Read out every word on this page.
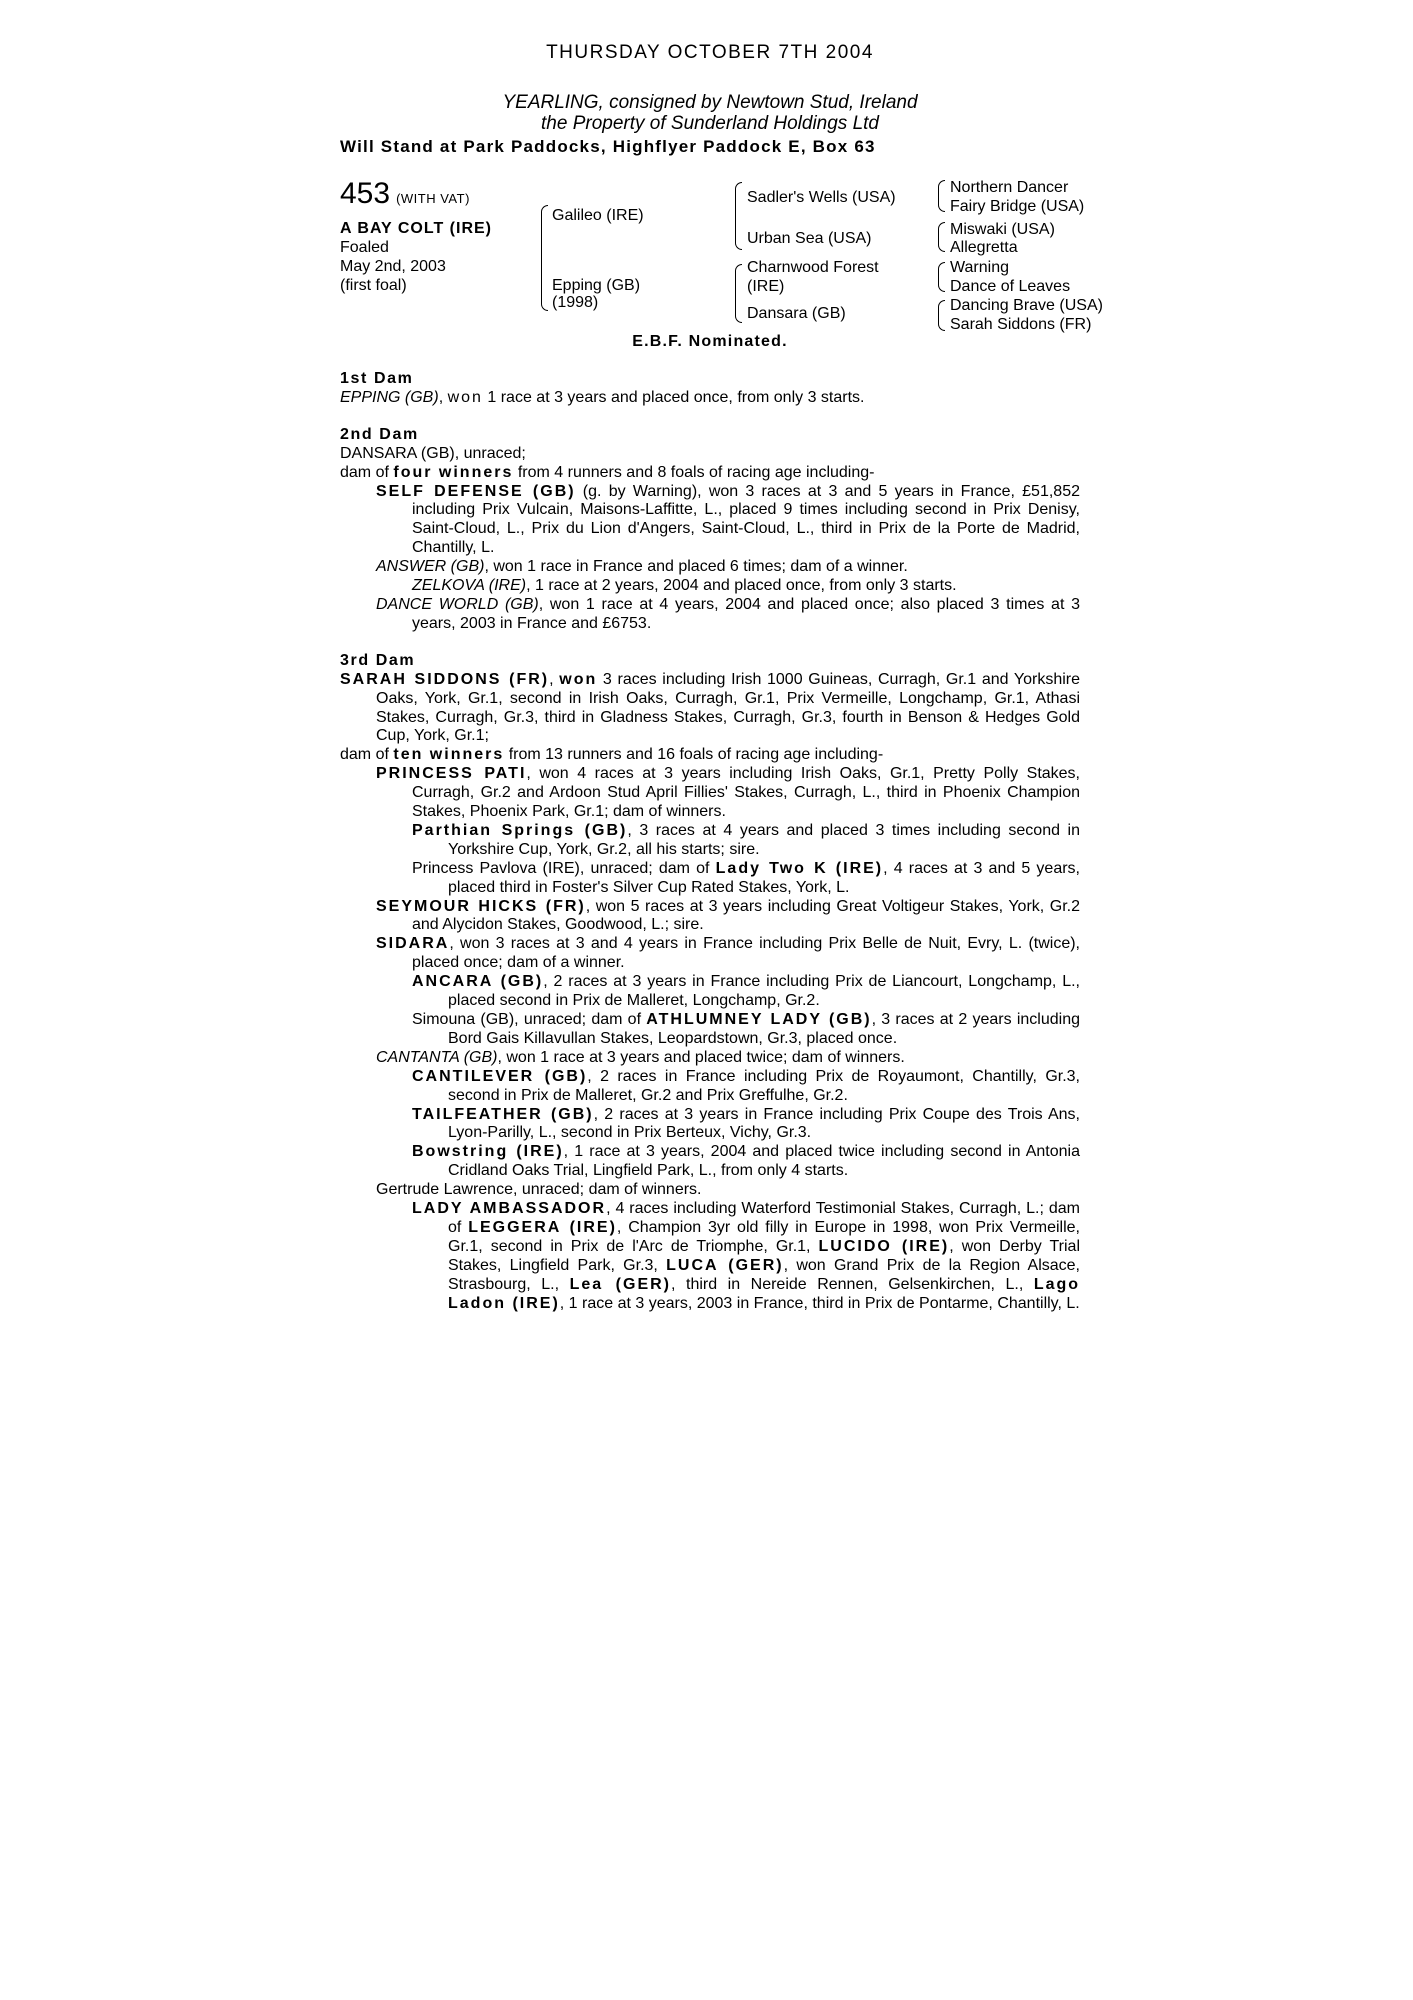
THURSDAY OCTOBER 7TH 2004
YEARLING, consigned by Newtown Stud, Ireland
the Property of Sunderland Holdings Ltd
Will Stand at Park Paddocks, Highflyer Paddock E, Box 63
453 (WITH VAT)
A BAY COLT (IRE)
Foaled
May 2nd, 2003
(first foal)
Galileo (IRE)
Epping (GB)
(1998)
Sadler's Wells (USA)
Urban Sea (USA)
Charnwood Forest
(IRE)
Dansara (GB)
Northern Dancer
Fairy Bridge (USA)
Miswaki (USA)
Allegretta
Warning
Dance of Leaves
Dancing Brave (USA)
Sarah Siddons (FR)
E.B.F. Nominated.

1st Dam

EPPING (GB), won 1 race at 3 years and placed once, from only 3 starts.

2nd Dam

DANSARA (GB), unraced;

dam of four winners from 4 runners and 8 foals of racing age including-

SELF DEFENSE (GB) (g. by Warning), won 3 races at 3 and 5 years in France, £51,852 including Prix Vulcain, Maisons-Laffitte, L., placed 9 times including second in Prix Denisy, Saint-Cloud, L., Prix du Lion d'Angers, Saint-Cloud, L., third in Prix de la Porte de Madrid, Chantilly, L.

ANSWER (GB), won 1 race in France and placed 6 times; dam of a winner.

ZELKOVA (IRE), 1 race at 2 years, 2004 and placed once, from only 3 starts.

DANCE WORLD (GB), won 1 race at 4 years, 2004 and placed once; also placed 3 times at 3 years, 2003 in France and £6753.

3rd Dam

SARAH SIDDONS (FR), won 3 races including Irish 1000 Guineas, Curragh, Gr.1 and Yorkshire Oaks, York, Gr.1, second in Irish Oaks, Curragh, Gr.1, Prix Vermeille, Longchamp, Gr.1, Athasi Stakes, Curragh, Gr.3, third in Gladness Stakes, Curragh, Gr.3, fourth in Benson & Hedges Gold Cup, York, Gr.1;

dam of ten winners from 13 runners and 16 foals of racing age including-

PRINCESS PATI, won 4 races at 3 years including Irish Oaks, Gr.1, Pretty Polly Stakes, Curragh, Gr.2 and Ardoon Stud April Fillies' Stakes, Curragh, L., third in Phoenix Champion Stakes, Phoenix Park, Gr.1; dam of winners.

Parthian Springs (GB), 3 races at 4 years and placed 3 times including second in Yorkshire Cup, York, Gr.2, all his starts; sire.

Princess Pavlova (IRE), unraced; dam of Lady Two K (IRE), 4 races at 3 and 5 years, placed third in Foster's Silver Cup Rated Stakes, York, L.

SEYMOUR HICKS (FR), won 5 races at 3 years including Great Voltigeur Stakes, York, Gr.2 and Alycidon Stakes, Goodwood, L.; sire.

SIDARA, won 3 races at 3 and 4 years in France including Prix Belle de Nuit, Evry, L. (twice), placed once; dam of a winner.

ANCARA (GB), 2 races at 3 years in France including Prix de Liancourt, Longchamp, L., placed second in Prix de Malleret, Longchamp, Gr.2.

Simouna (GB), unraced; dam of ATHLUMNEY LADY (GB), 3 races at 2 years including Bord Gais Killavullan Stakes, Leopardstown, Gr.3, placed once.

CANTANTA (GB), won 1 race at 3 years and placed twice; dam of winners.

CANTILEVER (GB), 2 races in France including Prix de Royaumont, Chantilly, Gr.3, second in Prix de Malleret, Gr.2 and Prix Greffulhe, Gr.2.

TAILFEATHER (GB), 2 races at 3 years in France including Prix Coupe des Trois Ans, Lyon-Parilly, L., second in Prix Berteux, Vichy, Gr.3.

Bowstring (IRE), 1 race at 3 years, 2004 and placed twice including second in Antonia Cridland Oaks Trial, Lingfield Park, L., from only 4 starts.

Gertrude Lawrence, unraced; dam of winners.

LADY AMBASSADOR, 4 races including Waterford Testimonial Stakes, Curragh, L.; dam of LEGGERA (IRE), Champion 3yr old filly in Europe in 1998, won Prix Vermeille, Gr.1, second in Prix de l'Arc de Triomphe, Gr.1, LUCIDO (IRE), won Derby Trial Stakes, Lingfield Park, Gr.3, LUCA (GER), won Grand Prix de la Region Alsace, Strasbourg, L., Lea (GER), third in Nereide Rennen, Gelsenkirchen, L., Lago Ladon (IRE), 1 race at 3 years, 2003 in France, third in Prix de Pontarme, Chantilly, L.
